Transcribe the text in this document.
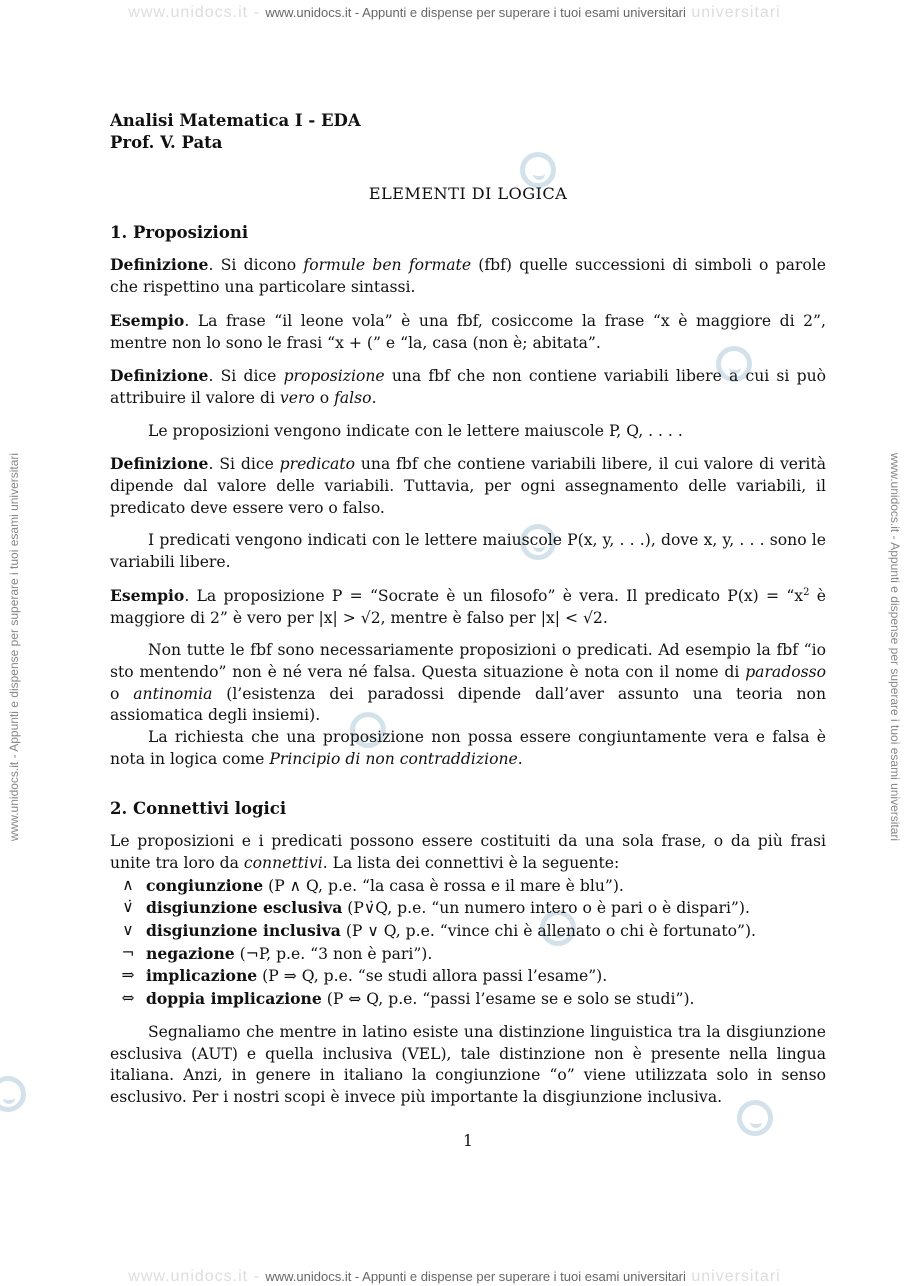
www.unidocs.it - www.unidocs.it - Appunti e dispense per superare i tuoi esami universitari universitari
www.unidocs.it - www.unidocs.it - Appunti e dispense per superare i tuoi esami universitari universitari
www.unidocs.it - Appunti e dispense per superare i tuoi esami universitari	www.unidocs.it - Appunti e dispense per superare i tuoi esami universitari
Analisi Matematica I - EDA
Prof. V. Pata
ELEMENTI DI LOGICA
1. Proposizioni

Definizione. Si dicono formule ben formate (fbf) quelle successioni di simboli o parole che rispettino una particolare sintassi.

Esempio. La frase “il leone vola” è una fbf, cosiccome la frase “x è maggiore di 2”, mentre non lo sono le frasi “x + (” e “la, casa (non è; abitata”.

Definizione. Si dice proposizione una fbf che non contiene variabili libere a cui si può attribuire il valore di vero o falso.

Le proposizioni vengono indicate con le lettere maiuscole P, Q, . . . .

Definizione. Si dice predicato una fbf che contiene variabili libere, il cui valore di verità dipende dal valore delle variabili. Tuttavia, per ogni assegnamento delle variabili, il predicato deve essere vero o falso.

I predicati vengono indicati con le lettere maiuscole P(x, y, . . .), dove x, y, . . . sono le variabili libere.

Esempio. La proposizione P = “Socrate è un filosofo” è vera. Il predicato $P(x) = “x^2$ è maggiore di 2” è vero per |x| > √2, mentre è falso per |x| < √2.

Non tutte le fbf sono necessariamente proposizioni o predicati. Ad esempio la fbf “io sto mentendo” non è né vera né falsa. Questa situazione è nota con il nome di paradosso o antinomia (l’esistenza dei paradossi dipende dall’aver assunto una teoria non assiomatica degli insiemi).

La richiesta che una proposizione non possa essere congiuntamente vera e falsa è nota in logica come Principio di non contraddizione.

2. Connettivi logici

Le proposizioni e i predicati possono essere costituiti da una sola frase, o da più frasi unite tra loro da connettivi. La lista dei connettivi è la seguente:

∧ congiunzione (P ∧ Q, p.e. “la casa è rossa e il mare è blu”).
∨̇ disgiunzione esclusiva (P∨̇Q, p.e. “un numero intero o è pari o è dispari”).
∨ disgiunzione inclusiva (P ∨ Q, p.e. “vince chi è allenato o chi è fortunato”).
¬ negazione (¬P, p.e. “3 non è pari”).
⇒ implicazione (P ⇒ Q, p.e. “se studi allora passi l’esame”).
⇔ doppia implicazione (P ⇔ Q, p.e. “passi l’esame se e solo se studi”).

Segnaliamo che mentre in latino esiste una distinzione linguistica tra la disgiunzione esclusiva (AUT) e quella inclusiva (VEL), tale distinzione non è presente nella lingua italiana. Anzi, in genere in italiano la congiunzione “o” viene utilizzata solo in senso esclusivo. Per i nostri scopi è invece più importante la disgiunzione inclusiva.

1
